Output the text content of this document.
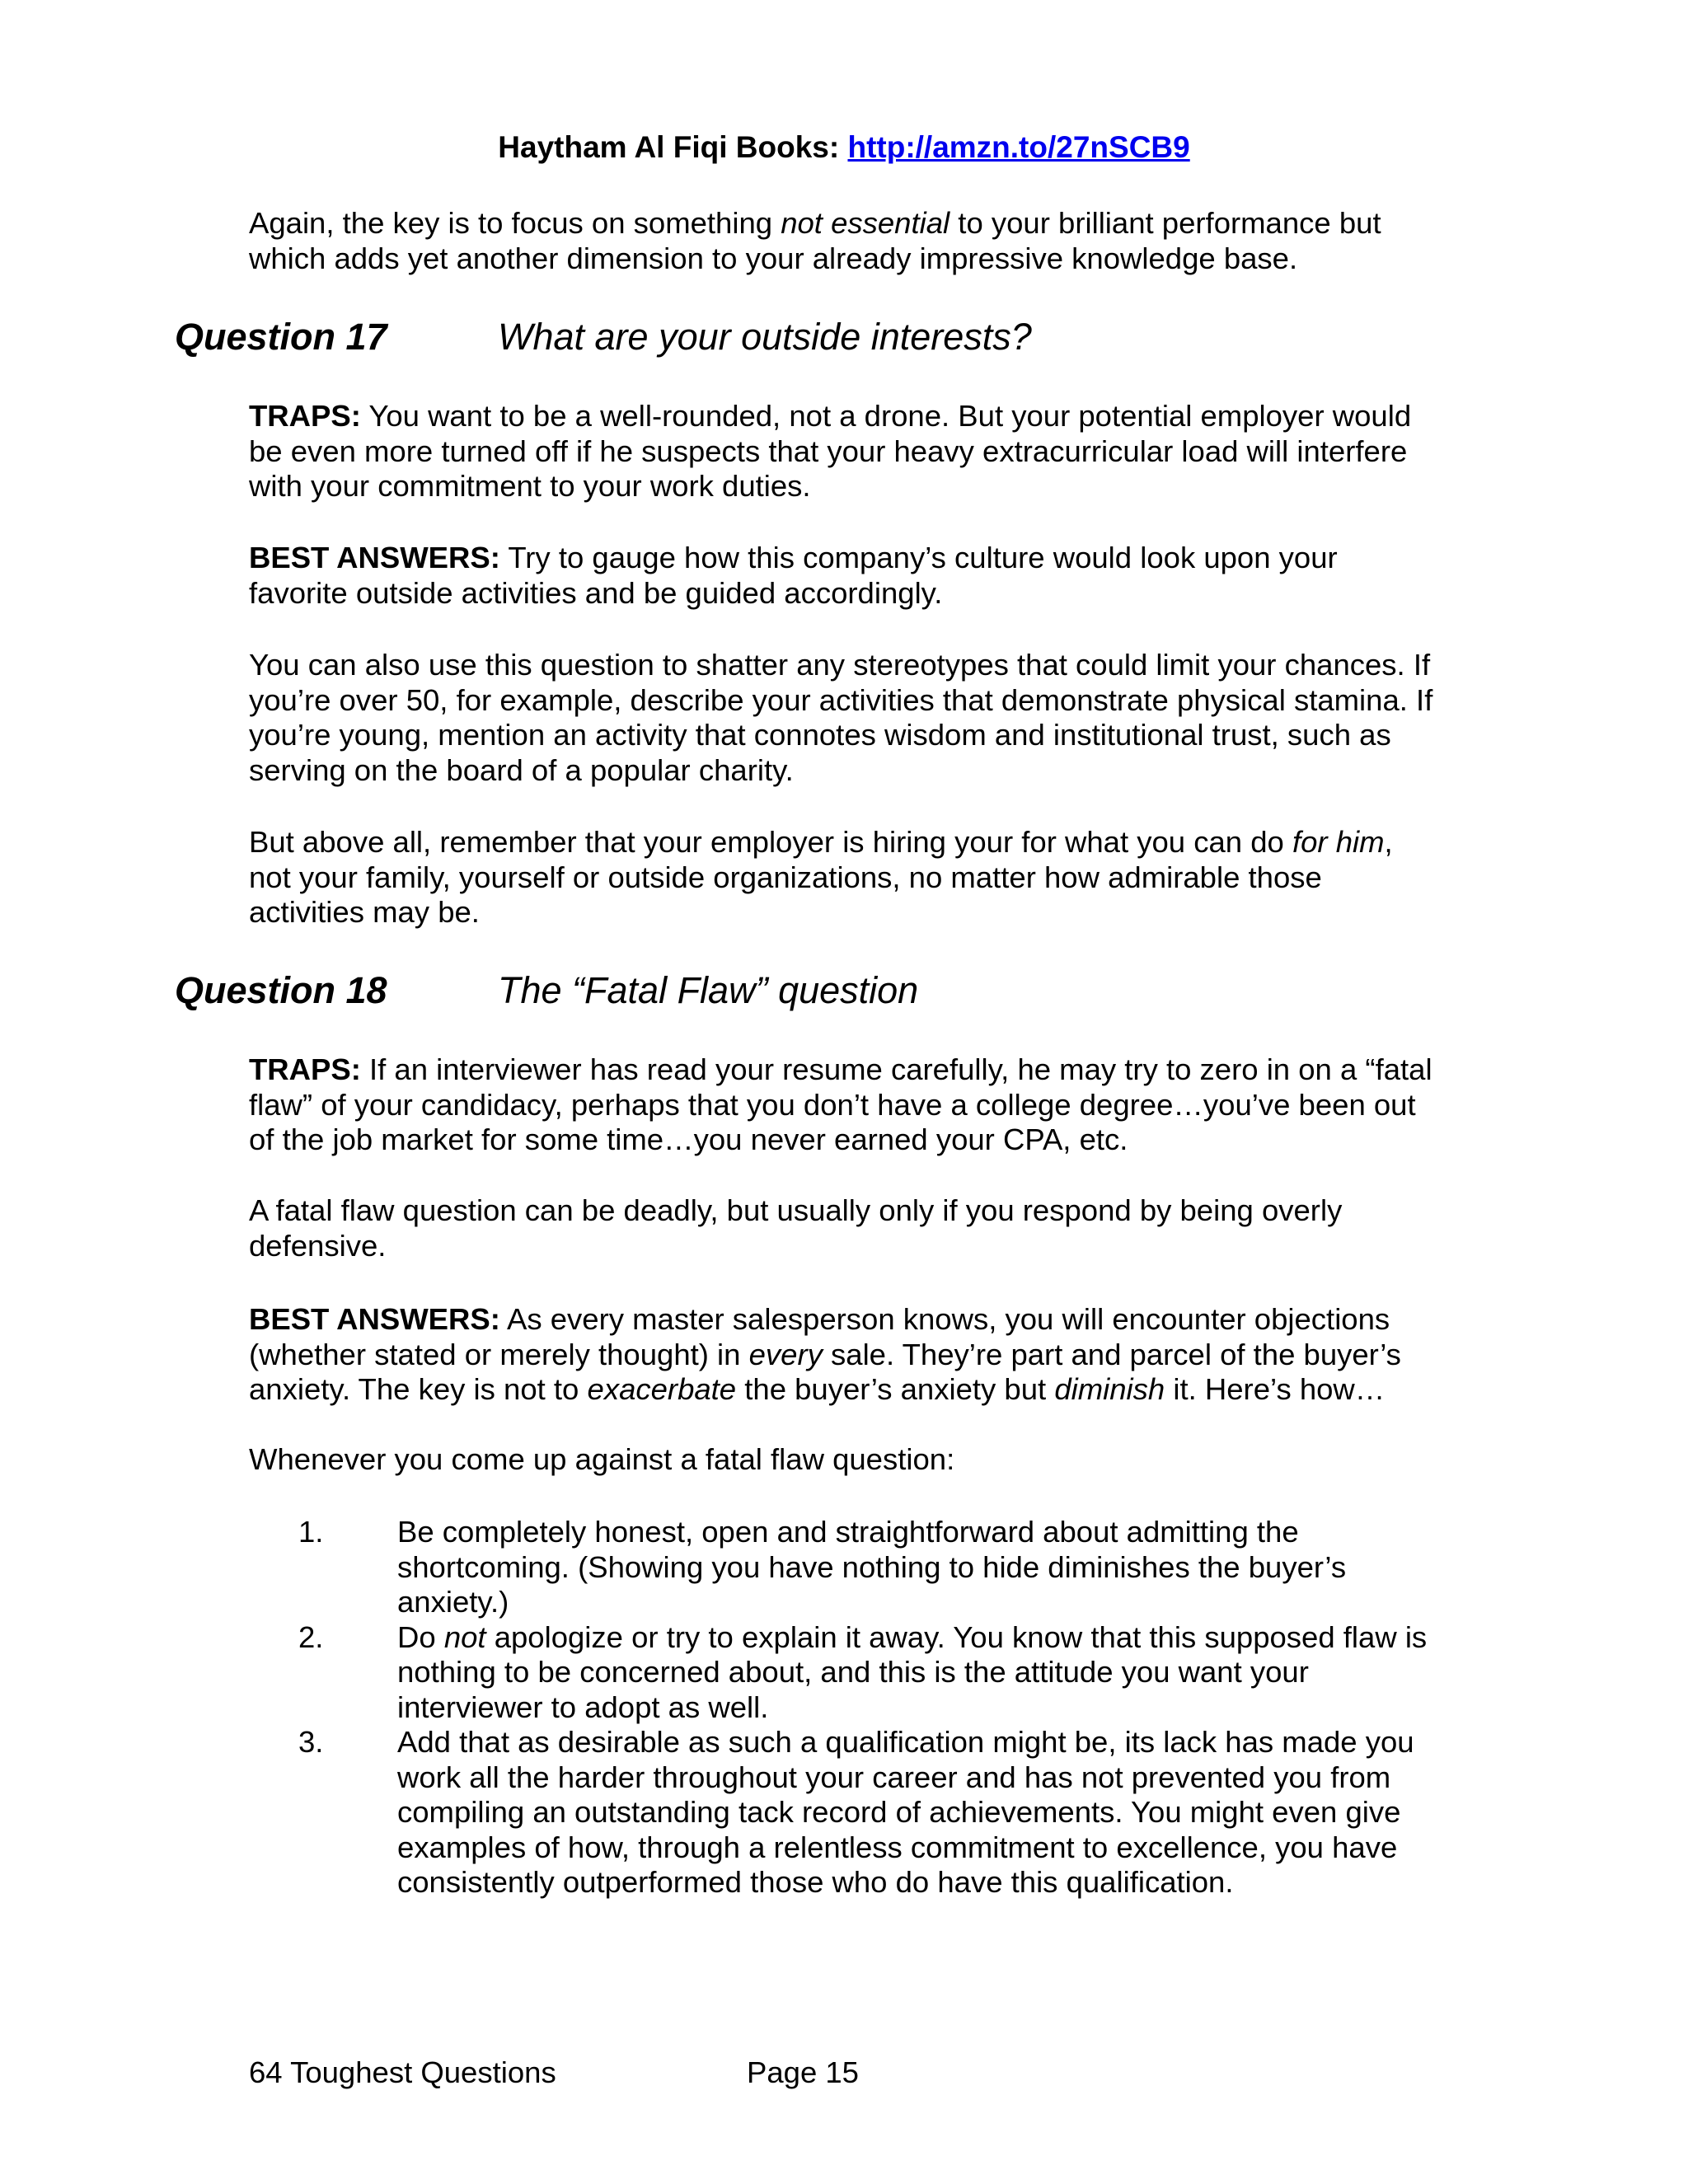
Haytham Al Fiqi Books: http://amzn.to/27nSCB9
Again, the key is to focus on something not essential to your brilliant performance but which adds yet another dimension to your already impressive knowledge base.
Question 17	What are your outside interests?
TRAPS: You want to be a well-rounded, not a drone. But your potential employer would be even more turned off if he suspects that your heavy extracurricular load will interfere with your commitment to your work duties.
BEST ANSWERS: Try to gauge how this company’s culture would look upon your favorite outside activities and be guided accordingly.
You can also use this question to shatter any stereotypes that could limit your chances. If you’re over 50, for example, describe your activities that demonstrate physical stamina. If you’re young, mention an activity that connotes wisdom and institutional trust, such as serving on the board of a popular charity.
But above all, remember that your employer is hiring your for what you can do for him, not your family, yourself or outside organizations, no matter how admirable those activities may be.
Question 18	The “Fatal Flaw” question
TRAPS: If an interviewer has read your resume carefully, he may try to zero in on a “fatal flaw” of your candidacy, perhaps that you don’t have a college degree…you’ve been out of the job market for some time…you never earned your CPA, etc.
A fatal flaw question can be deadly, but usually only if you respond by being overly defensive.
BEST ANSWERS: As every master salesperson knows, you will encounter objections (whether stated or merely thought) in every sale. They’re part and parcel of the buyer’s anxiety. The key is not to exacerbate the buyer’s anxiety but diminish it. Here’s how…
Whenever you come up against a fatal flaw question:
1.	Be completely honest, open and straightforward about admitting the shortcoming. (Showing you have nothing to hide diminishes the buyer’s anxiety.)
2.	Do not apologize or try to explain it away. You know that this supposed flaw is nothing to be concerned about, and this is the attitude you want your interviewer to adopt as well.
3.	Add that as desirable as such a qualification might be, its lack has made you work all the harder throughout your career and has not prevented you from compiling an outstanding tack record of achievements. You might even give examples of how, through a relentless commitment to excellence, you have consistently outperformed those who do have this qualification.
64 Toughest Questions	Page 15
